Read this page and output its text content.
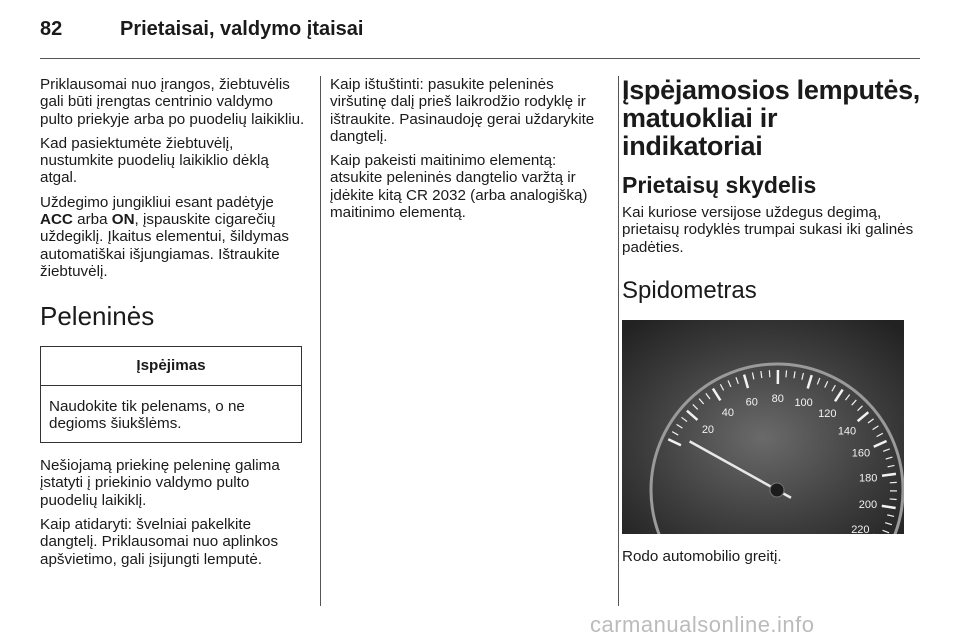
82	Prietaisai, valdymo įtaisai

Priklausomai nuo įrangos, žiebtuvėlis gali būti įrengtas centrinio valdymo pulto priekyje arba po puodelių laikikliu.

Kad pasiektumėte žiebtuvėlį, nustumkite puodelių laikiklio dėklą atgal.

Uždegimo jungikliui esant padėtyje ACC arba ON, įspauskite cigarečių uždegiklį. Įkaitus elementui, šildymas automatiškai išjungiamas. Ištraukite žiebtuvėlį.

Peleninės
Įspėjimas
Naudokite tik pelenams, o ne degioms šiukšlėms.

Nešiojamą priekinę peleninę galima įstatyti į priekinio valdymo pulto puodelių laikiklį.

Kaip atidaryti: švelniai pakelkite dangtelį. Priklausomai nuo aplinkos apšvietimo, gali įsijungti lemputė.

Kaip ištuštinti: pasukite peleninės viršutinę dalį prieš laikrodžio rodyklę ir ištraukite. Pasinaudoję gerai uždarykite dangtelį.

Kaip pakeisti maitinimo elementą: atsukite peleninės dangtelio varžtą ir įdėkite kitą CR 2032 (arba analogišką) maitinimo elementą.

Įspėjamosios lemputės, matuokliai ir indikatoriai
Prietaisų skydelis

Kai kuriose versijose uždegus degimą, prietaisų rodyklės trumpai sukasi iki galinės padėties.

Spidometras
20
40
60 80 100
120
140
160
180
200
220

Rodo automobilio greitį.

carmanualsonline.info
